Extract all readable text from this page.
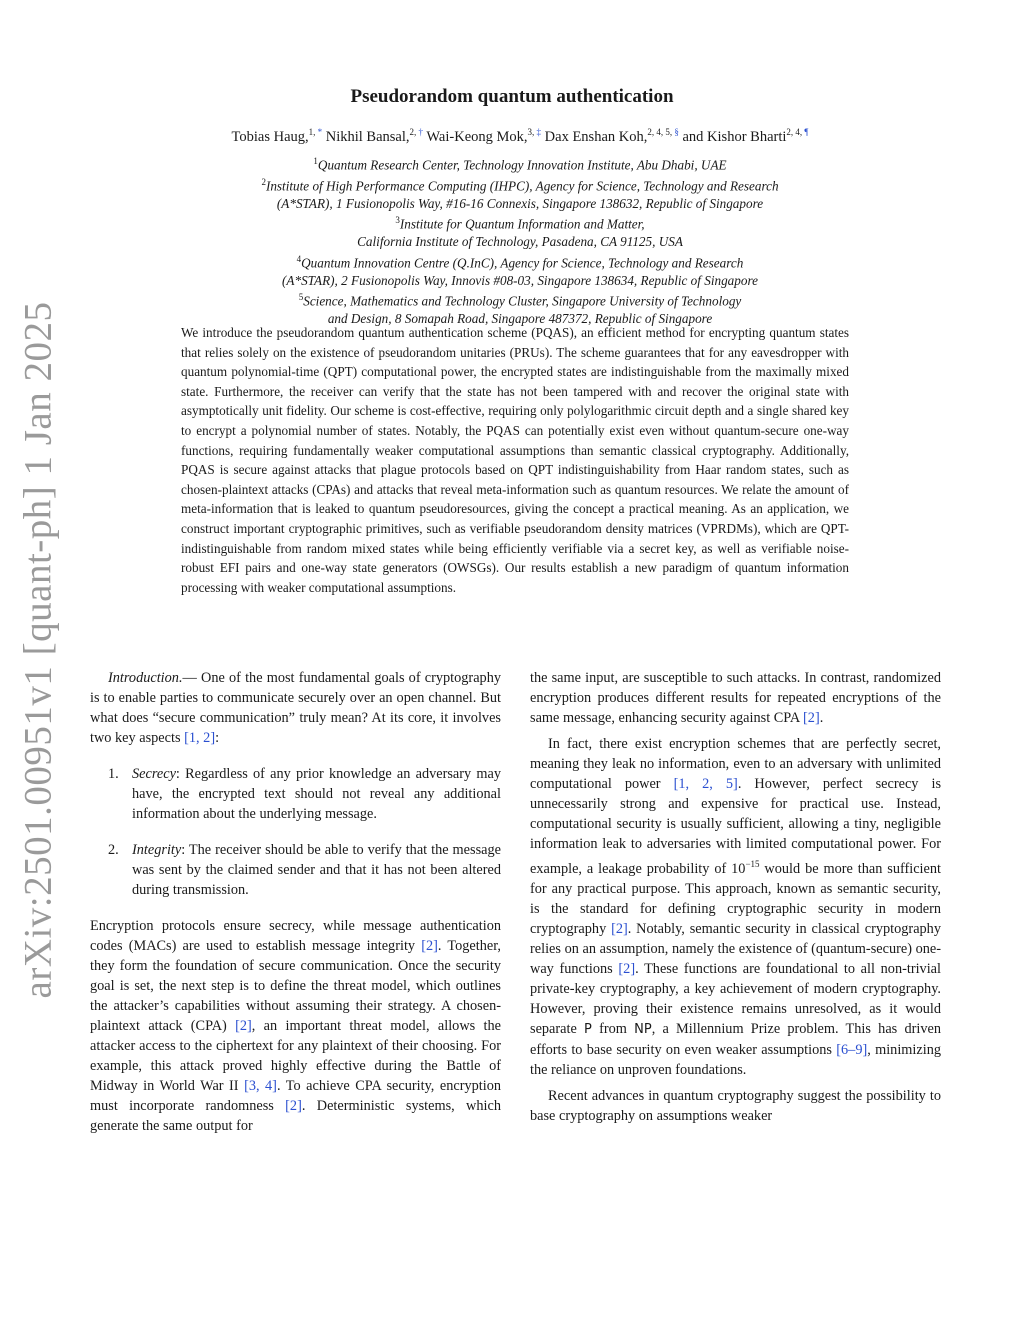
arXiv:2501.00951v1 [quant-ph] 1 Jan 2025
Pseudorandom quantum authentication
Tobias Haug,$^{1, *}$ Nikhil Bansal,$^{2, \dagger}$ Wai-Keong Mok,$^{3, \ddagger}$ Dax Enshan Koh,$^{2, 4, 5, \S}$ and Kishor Bharti$^{2, 4, \P}$
$^1$Quantum Research Center, Technology Innovation Institute, Abu Dhabi, UAE
$^2$Institute of High Performance Computing (IHPC), Agency for Science, Technology and Research
(A*STAR), 1 Fusionopolis Way, #16-16 Connexis, Singapore 138632, Republic of Singapore
$^3$Institute for Quantum Information and Matter,
California Institute of Technology, Pasadena, CA 91125, USA
$^4$Quantum Innovation Centre (Q.InC), Agency for Science, Technology and Research
(A*STAR), 2 Fusionopolis Way, Innovis #08-03, Singapore 138634, Republic of Singapore
$^5$Science, Mathematics and Technology Cluster, Singapore University of Technology
and Design, 8 Somapah Road, Singapore 487372, Republic of Singapore
We introduce the pseudorandom quantum authentication scheme (PQAS), an efficient method for encrypting quantum states that relies solely on the existence of pseudorandom unitaries (PRUs). The scheme guarantees that for any eavesdropper with quantum polynomial-time (QPT) computational power, the encrypted states are indistinguishable from the maximally mixed state. Furthermore, the receiver can verify that the state has not been tampered with and recover the original state with asymptotically unit fidelity. Our scheme is cost-effective, requiring only polylogarithmic circuit depth and a single shared key to encrypt a polynomial number of states. Notably, the PQAS can potentially exist even without quantum-secure one-way functions, requiring fundamentally weaker computational assumptions than semantic classical cryptography. Additionally, PQAS is secure against attacks that plague protocols based on QPT indistinguishability from Haar random states, such as chosen-plaintext attacks (CPAs) and attacks that reveal meta-information such as quantum resources. We relate the amount of meta-information that is leaked to quantum pseudoresources, giving the concept a practical meaning. As an application, we construct important cryptographic primitives, such as verifiable pseudorandom density matrices (VPRDMs), which are QPT-indistinguishable from random mixed states while being efficiently verifiable via a secret key, as well as verifiable noise-robust EFI pairs and one-way state generators (OWSGs). Our results establish a new paradigm of quantum information processing with weaker computational assumptions.

Introduction.— One of the most fundamental goals of cryptography is to enable parties to communicate securely over an open channel. But what does “secure communication” truly mean? At its core, it involves two key aspects [1, 2]:

1. Secrecy: Regardless of any prior knowledge an adversary may have, the encrypted text should not reveal any additional information about the underlying message.
2. Integrity: The receiver should be able to verify that the message was sent by the claimed sender and that it has not been altered during transmission.

Encryption protocols ensure secrecy, while message authentication codes (MACs) are used to establish message integrity [2]. Together, they form the foundation of secure communication. Once the security goal is set, the next step is to define the threat model, which outlines the attacker’s capabilities without assuming their strategy. A chosen-plaintext attack (CPA) [2], an important threat model, allows the attacker access to the ciphertext for any plaintext of their choosing. For example, this attack proved highly effective during the Battle of Midway in World War II [3, 4]. To achieve CPA security, encryption must incorporate randomness [2]. Deterministic systems, which generate the same output for

the same input, are susceptible to such attacks. In contrast, randomized encryption produces different results for repeated encryptions of the same message, enhancing security against CPA [2].

In fact, there exist encryption schemes that are perfectly secret, meaning they leak no information, even to an adversary with unlimited computational power [1, 2, 5]. However, perfect secrecy is unnecessarily strong and expensive for practical use. Instead, computational security is usually sufficient, allowing a tiny, negligible information leak to adversaries with limited computational power. For example, a leakage probability of $10^{-15}$ would be more than sufficient for any practical purpose. This approach, known as semantic security, is the standard for defining cryptographic security in modern cryptography [2]. Notably, semantic security in classical cryptography relies on an assumption, namely the existence of (quantum-secure) one-way functions [2]. These functions are foundational to all non-trivial private-key cryptography, a key achievement of modern cryptography. However, proving their existence remains unresolved, as it would separate P from NP, a Millennium Prize problem. This has driven efforts to base security on even weaker assumptions [6–9], minimizing the reliance on unproven foundations.

Recent advances in quantum cryptography suggest the possibility to base cryptography on assumptions weaker
